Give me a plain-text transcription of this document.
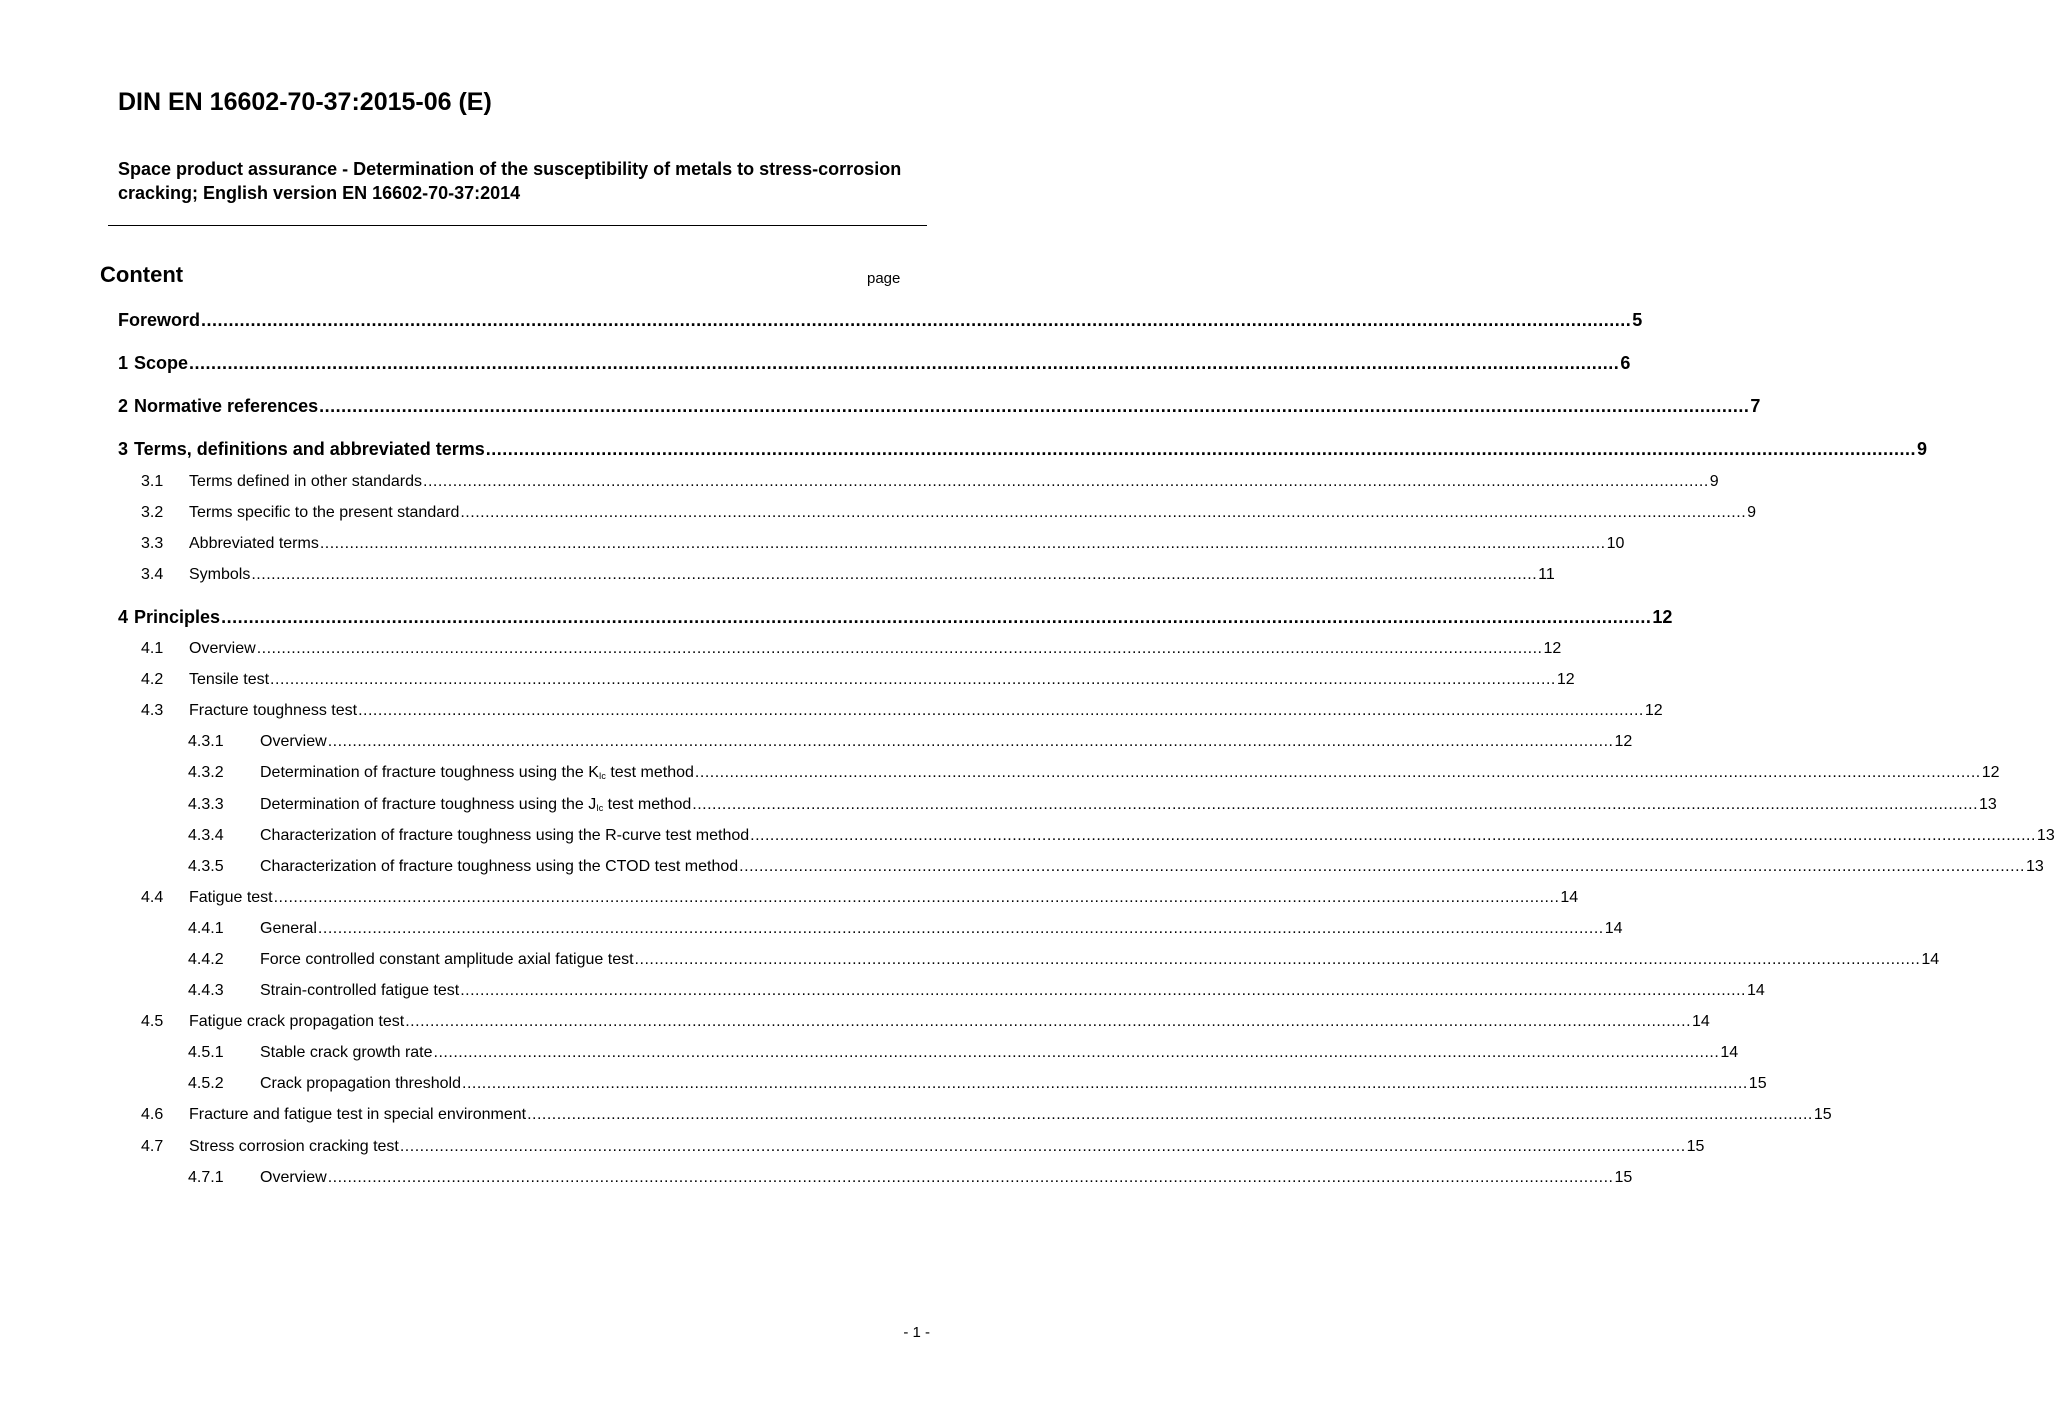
DIN EN 16602-70-37:2015-06 (E)

Space product assurance - Determination of the susceptibility of metals to stress-corrosion cracking; English version EN 16602-70-37:2014

Content	page

Foreword .................................................................................................................................................................................................................................................................... 5
1 Scope .................................................................................................................................................................................................................................................................... 6
2 Normative references .................................................................................................................................................................................................................................................................... 7
3 Terms, definitions and abbreviated terms .................................................................................................................................................................................................................................................................... 9
3.1	Terms defined in other standards .................................................................................................................................................................................................................................................................... 9
3.2	Terms specific to the present standard .................................................................................................................................................................................................................................................................... 9
3.3	Abbreviated terms .................................................................................................................................................................................................................................................................... 10
3.4	Symbols .................................................................................................................................................................................................................................................................... 11
4 Principles .................................................................................................................................................................................................................................................................... 12
4.1	Overview .................................................................................................................................................................................................................................................................... 12
4.2	Tensile test .................................................................................................................................................................................................................................................................... 12
4.3	Fracture toughness test .................................................................................................................................................................................................................................................................... 12
4.3.1	Overview .................................................................................................................................................................................................................................................................... 12
4.3.2	Determination of fracture toughness using the $K_{Ic}$ test method .................................................................................................................................................................................................................................................................... 12
4.3.3	Determination of fracture toughness using the $J_{Ic}$ test method .................................................................................................................................................................................................................................................................... 13
4.3.4	Characterization of fracture toughness using the R-curve test method .................................................................................................................................................................................................................................................................... 13
4.3.5	Characterization of fracture toughness using the CTOD test method .................................................................................................................................................................................................................................................................... 13
4.4	Fatigue test .................................................................................................................................................................................................................................................................... 14
4.4.1	General .................................................................................................................................................................................................................................................................... 14
4.4.2	Force controlled constant amplitude axial fatigue test .................................................................................................................................................................................................................................................................... 14
4.4.3	Strain-controlled fatigue test .................................................................................................................................................................................................................................................................... 14
4.5	Fatigue crack propagation test .................................................................................................................................................................................................................................................................... 14
4.5.1	Stable crack growth rate .................................................................................................................................................................................................................................................................... 14
4.5.2	Crack propagation threshold .................................................................................................................................................................................................................................................................... 15
4.6	Fracture and fatigue test in special environment .................................................................................................................................................................................................................................................................... 15
4.7	Stress corrosion cracking test .................................................................................................................................................................................................................................................................... 15
4.7.1	Overview .................................................................................................................................................................................................................................................................... 15

- 1 -
